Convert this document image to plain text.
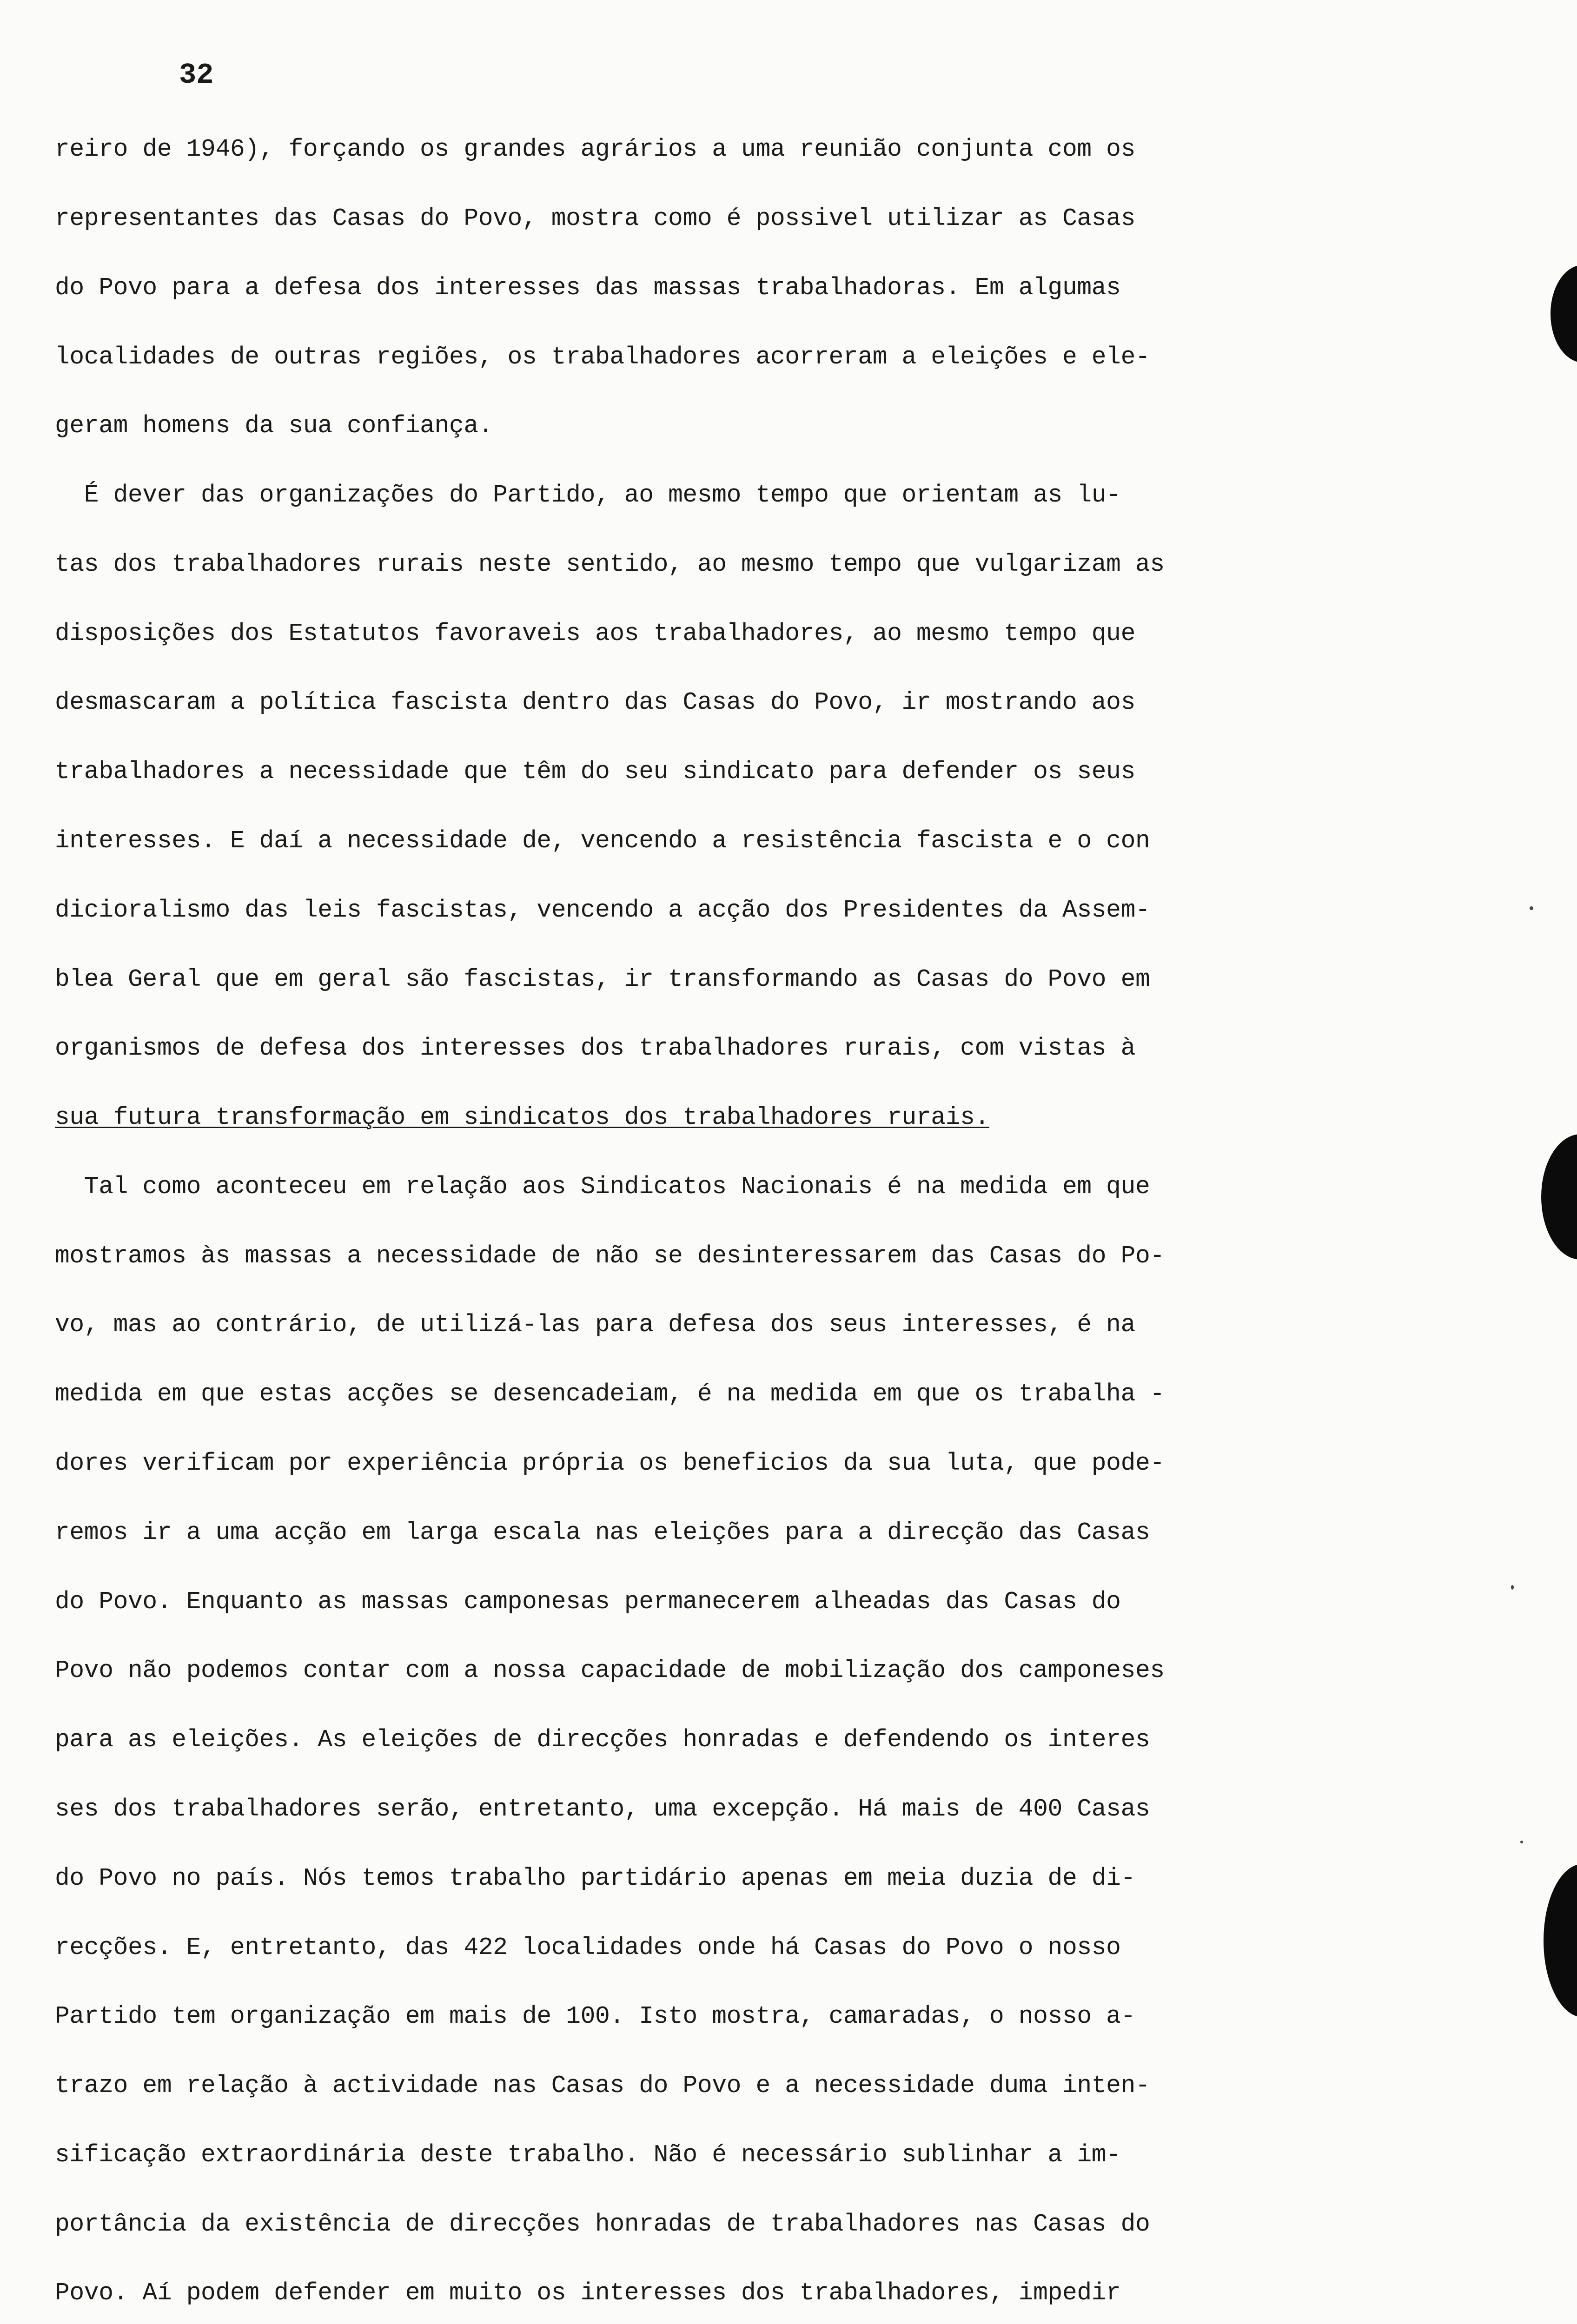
32

reiro de 1946), forçando os grandes agrários a uma reunião conjunta com os

representantes das Casas do Povo, mostra como é possivel utilizar as Casas

do Povo para a defesa dos interesses das massas trabalhadoras. Em algumas

localidades de outras regiões, os trabalhadores acorreram a eleições e ele-

geram homens da sua confiança.

É dever das organizações do Partido, ao mesmo tempo que orientam as lu-

tas dos trabalhadores rurais neste sentido, ao mesmo tempo que vulgarizam as

disposições dos Estatutos favoraveis aos trabalhadores, ao mesmo tempo que

desmascaram a política fascista dentro das Casas do Povo, ir mostrando aos

trabalhadores a necessidade que têm do seu sindicato para defender os seus

interesses. E daí a necessidade de, vencendo a resistência fascista e o con

dicioralismo das leis fascistas, vencendo a acção dos Presidentes da Assem-

blea Geral que em geral são fascistas, ir transformando as Casas do Povo em

organismos de defesa dos interesses dos trabalhadores rurais, com vistas à

sua futura transformação em sindicatos dos trabalhadores rurais.

Tal como aconteceu em relação aos Sindicatos Nacionais é na medida em que

mostramos às massas a necessidade de não se desinteressarem das Casas do Po-

vo, mas ao contrário, de utilizá-las para defesa dos seus interesses, é na

medida em que estas acções se desencadeiam, é na medida em que os trabalha -

dores verificam por experiência própria os beneficios da sua luta, que pode-

remos ir a uma acção em larga escala nas eleições para a direcção das Casas

do Povo. Enquanto as massas camponesas permanecerem alheadas das Casas do

Povo não podemos contar com a nossa capacidade de mobilização dos camponeses

para as eleições. As eleições de direcções honradas e defendendo os interes

ses dos trabalhadores serão, entretanto, uma excepção. Há mais de 400 Casas

do Povo no país. Nós temos trabalho partidário apenas em meia duzia de di-

recções. E, entretanto, das 422 localidades onde há Casas do Povo o nosso

Partido tem organização em mais de 100. Isto mostra, camaradas, o nosso a-

trazo em relação à actividade nas Casas do Povo e a necessidade duma inten-

sificação extraordinária deste trabalho. Não é necessário sublinhar a im-

portância da existência de direcções honradas de trabalhadores nas Casas do

Povo. Aí podem defender em muito os interesses dos trabalhadores, impedir
